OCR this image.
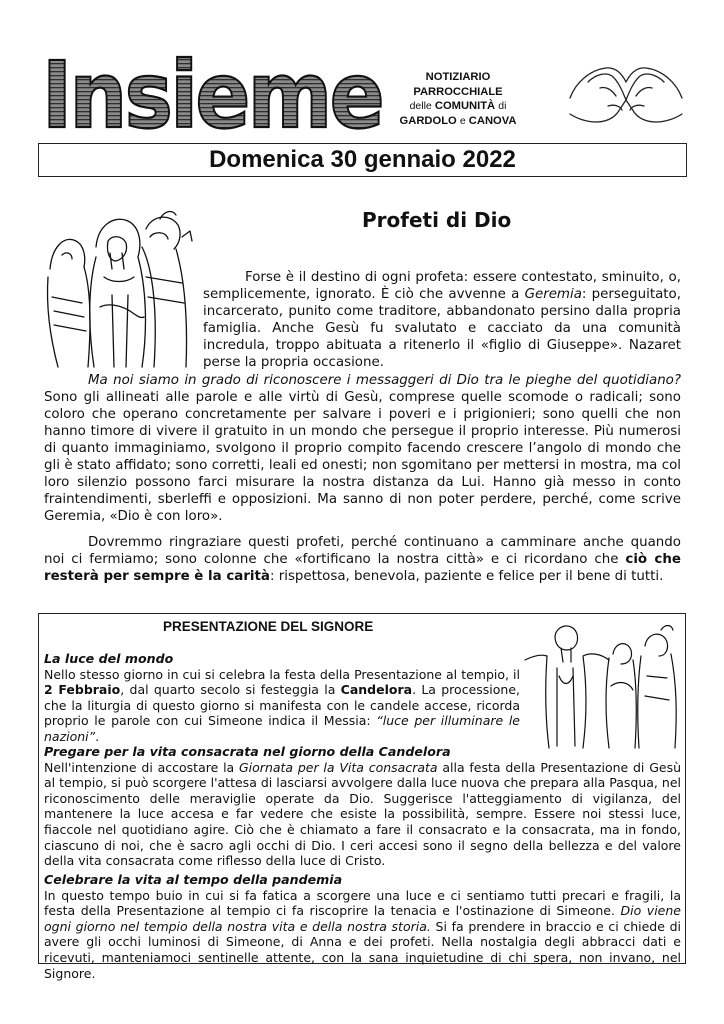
Insieme	NOTIZIARIO
PARROCCHIALE
delle COMUNITÀ di
GARDOLO e CANOVA
Domenica 30 gennaio 2022
Profeti di Dio

Forse è il destino di ogni profeta: essere contestato, sminuito, o, semplicemente, ignorato. È ciò che avvenne a Geremia: perseguitato, incarcerato, punito come traditore, abbandonato persino dalla propria famiglia. Anche Gesù fu svalutato e cacciato da una comunità incredula, troppo abituata a ritenerlo il «figlio di Giuseppe». Nazaret perse la propria occasione.

Ma noi siamo in grado di riconoscere i messaggeri di Dio tra le pieghe del quotidiano? Sono gli allineati alle parole e alle virtù di Gesù, comprese quelle scomode o radicali; sono coloro che operano concretamente per salvare i poveri e i prigionieri; sono quelli che non hanno timore di vivere il gratuito in un mondo che persegue il proprio interesse. Più numerosi di quanto immaginiamo, svolgono il proprio compito facendo crescere l’angolo di mondo che gli è stato affidato; sono corretti, leali ed onesti; non sgomitano per mettersi in mostra, ma col loro silenzio possono farci misurare la nostra distanza da Lui. Hanno già messo in conto fraintendimenti, sberleffi e opposizioni. Ma sanno di non poter perdere, perché, come scrive Geremia, «Dio è con loro».

Dovremmo ringraziare questi profeti, perché continuano a camminare anche quando noi ci fermiamo; sono colonne che «fortificano la nostra città» e ci ricordano che ciò che resterà per sempre è la carità: rispettosa, benevola, paziente e felice per il bene di tutti.

PRESENTAZIONE DEL SIGNORE

La luce del mondo

Nello stesso giorno in cui si celebra la festa della Presentazione al tempio, il 2 Febbraio, dal quarto secolo si festeggia la Candelora. La processione, che la liturgia di questo giorno si manifesta con le candele accese, ricorda proprio le parole con cui Simeone indica il Messia: “luce per illuminare le nazioni”.

Pregare per la vita consacrata nel giorno della Candelora

Nell'intenzione di accostare la Giornata per la Vita consacrata alla festa della Presentazione di Gesù al tempio, si può scorgere l'attesa di lasciarsi avvolgere dalla luce nuova che prepara alla Pasqua, nel riconoscimento delle meraviglie operate da Dio. Suggerisce l'atteggiamento di vigilanza, del mantenere la luce accesa e far vedere che esiste la possibilità, sempre. Essere noi stessi luce, fiaccole nel quotidiano agire. Ciò che è chiamato a fare il consacrato e la consacrata, ma in fondo, ciascuno di noi, che è sacro agli occhi di Dio. I ceri accesi sono il segno della bellezza e del valore della vita consacrata come riflesso della luce di Cristo.

Celebrare la vita al tempo della pandemia

In questo tempo buio in cui si fa fatica a scorgere una luce e ci sentiamo tutti precari e fragili, la festa della Presentazione al tempio ci fa riscoprire la tenacia e l'ostinazione di Simeone. Dio viene ogni giorno nel tempio della nostra vita e della nostra storia. Si fa prendere in braccio e ci chiede di avere gli occhi luminosi di Simeone, di Anna e dei profeti. Nella nostalgia degli abbracci dati e ricevuti, manteniamoci sentinelle attente, con la sana inquietudine di chi spera, non invano, nel Signore.
